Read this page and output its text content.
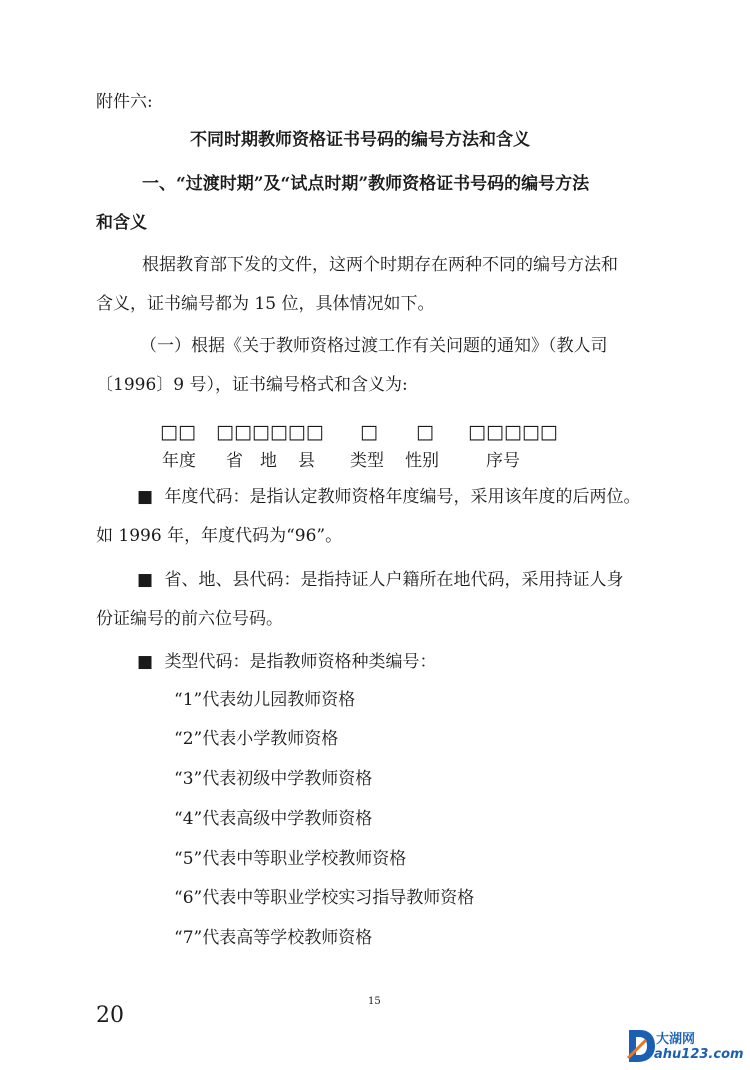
附件六:
不同时期教师资格证书号码的编号方法和含义
一、“过渡时期”及“试点时期”教师资格证书号码的编号方法
和含义
根据教育部下发的文件，这两个时期存在两种不同的编号方法和
含义，证书编号都为 15 位，具体情况如下。
（一）根据《关于教师资格过渡工作有关问题的通知》（教人司
〔1996〕9 号），证书编号格式和含义为:
□□ □□□□□□ □ □ □□□□□
年度 省 地 县 类型 性别	序号
■ 年度代码：是指认定教师资格年度编号，采用该年度的后两位。
如 1996 年，年度代码为“96”。
■ 省、地、县代码：是指持证人户籍所在地代码，采用持证人身
份证编号的前六位号码。
■ 类型代码：是指教师资格种类编号：
“1”代表幼儿园教师资格
“2”代表小学教师资格
“3”代表初级中学教师资格
“4”代表高级中学教师资格
“5”代表中等职业学校教师资格
“6”代表中等职业学校实习指导教师资格
“7”代表高等学校教师资格
15
20
大湖网
ahu123.com
